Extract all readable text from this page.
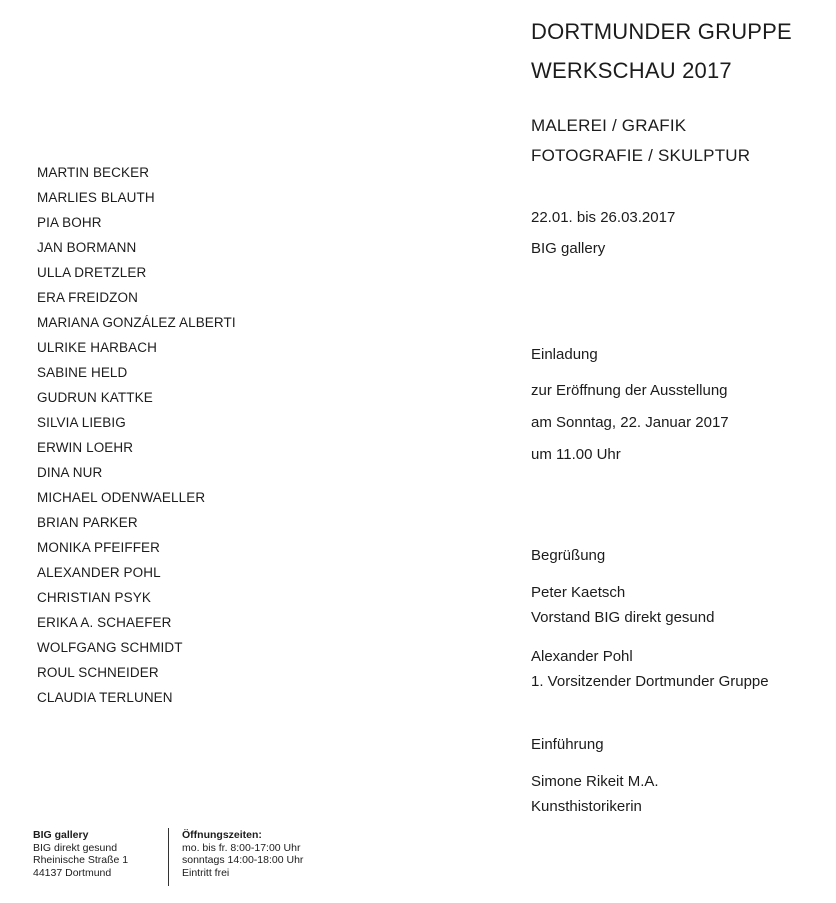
MARTIN BECKER
MARLIES BLAUTH
PIA BOHR
JAN BORMANN
ULLA DRETZLER
ERA FREIDZON
MARIANA GONZÁLEZ ALBERTI
ULRIKE HARBACH
SABINE HELD
GUDRUN KATTKE
SILVIA LIEBIG
ERWIN LOEHR
DINA NUR
MICHAEL ODENWAELLER
BRIAN PARKER
MONIKA PFEIFFER
ALEXANDER POHL
CHRISTIAN PSYK
ERIKA A. SCHAEFER
WOLFGANG SCHMIDT
ROUL SCHNEIDER
CLAUDIA TERLUNEN
DORTMUNDER GRUPPE
WERKSCHAU 2017
MALEREI / GRAFIK
FOTOGRAFIE / SKULPTUR
22.01. bis 26.03.2017
BIG gallery
Einladung
zur Eröffnung der Ausstellung
am Sonntag, 22. Januar 2017
um 11.00 Uhr
Begrüßung
Peter Kaetsch
Vorstand BIG direkt gesund
Alexander Pohl
1. Vorsitzender Dortmunder Gruppe
Einführung
Simone Rikeit M.A.
Kunsthistorikerin
BIG gallery
BIG direkt gesund
Rheinische Straße 1
44137 Dortmund
Öffnungszeiten:
mo. bis fr. 8:00-17:00 Uhr
sonntags 14:00-18:00 Uhr
Eintritt frei
